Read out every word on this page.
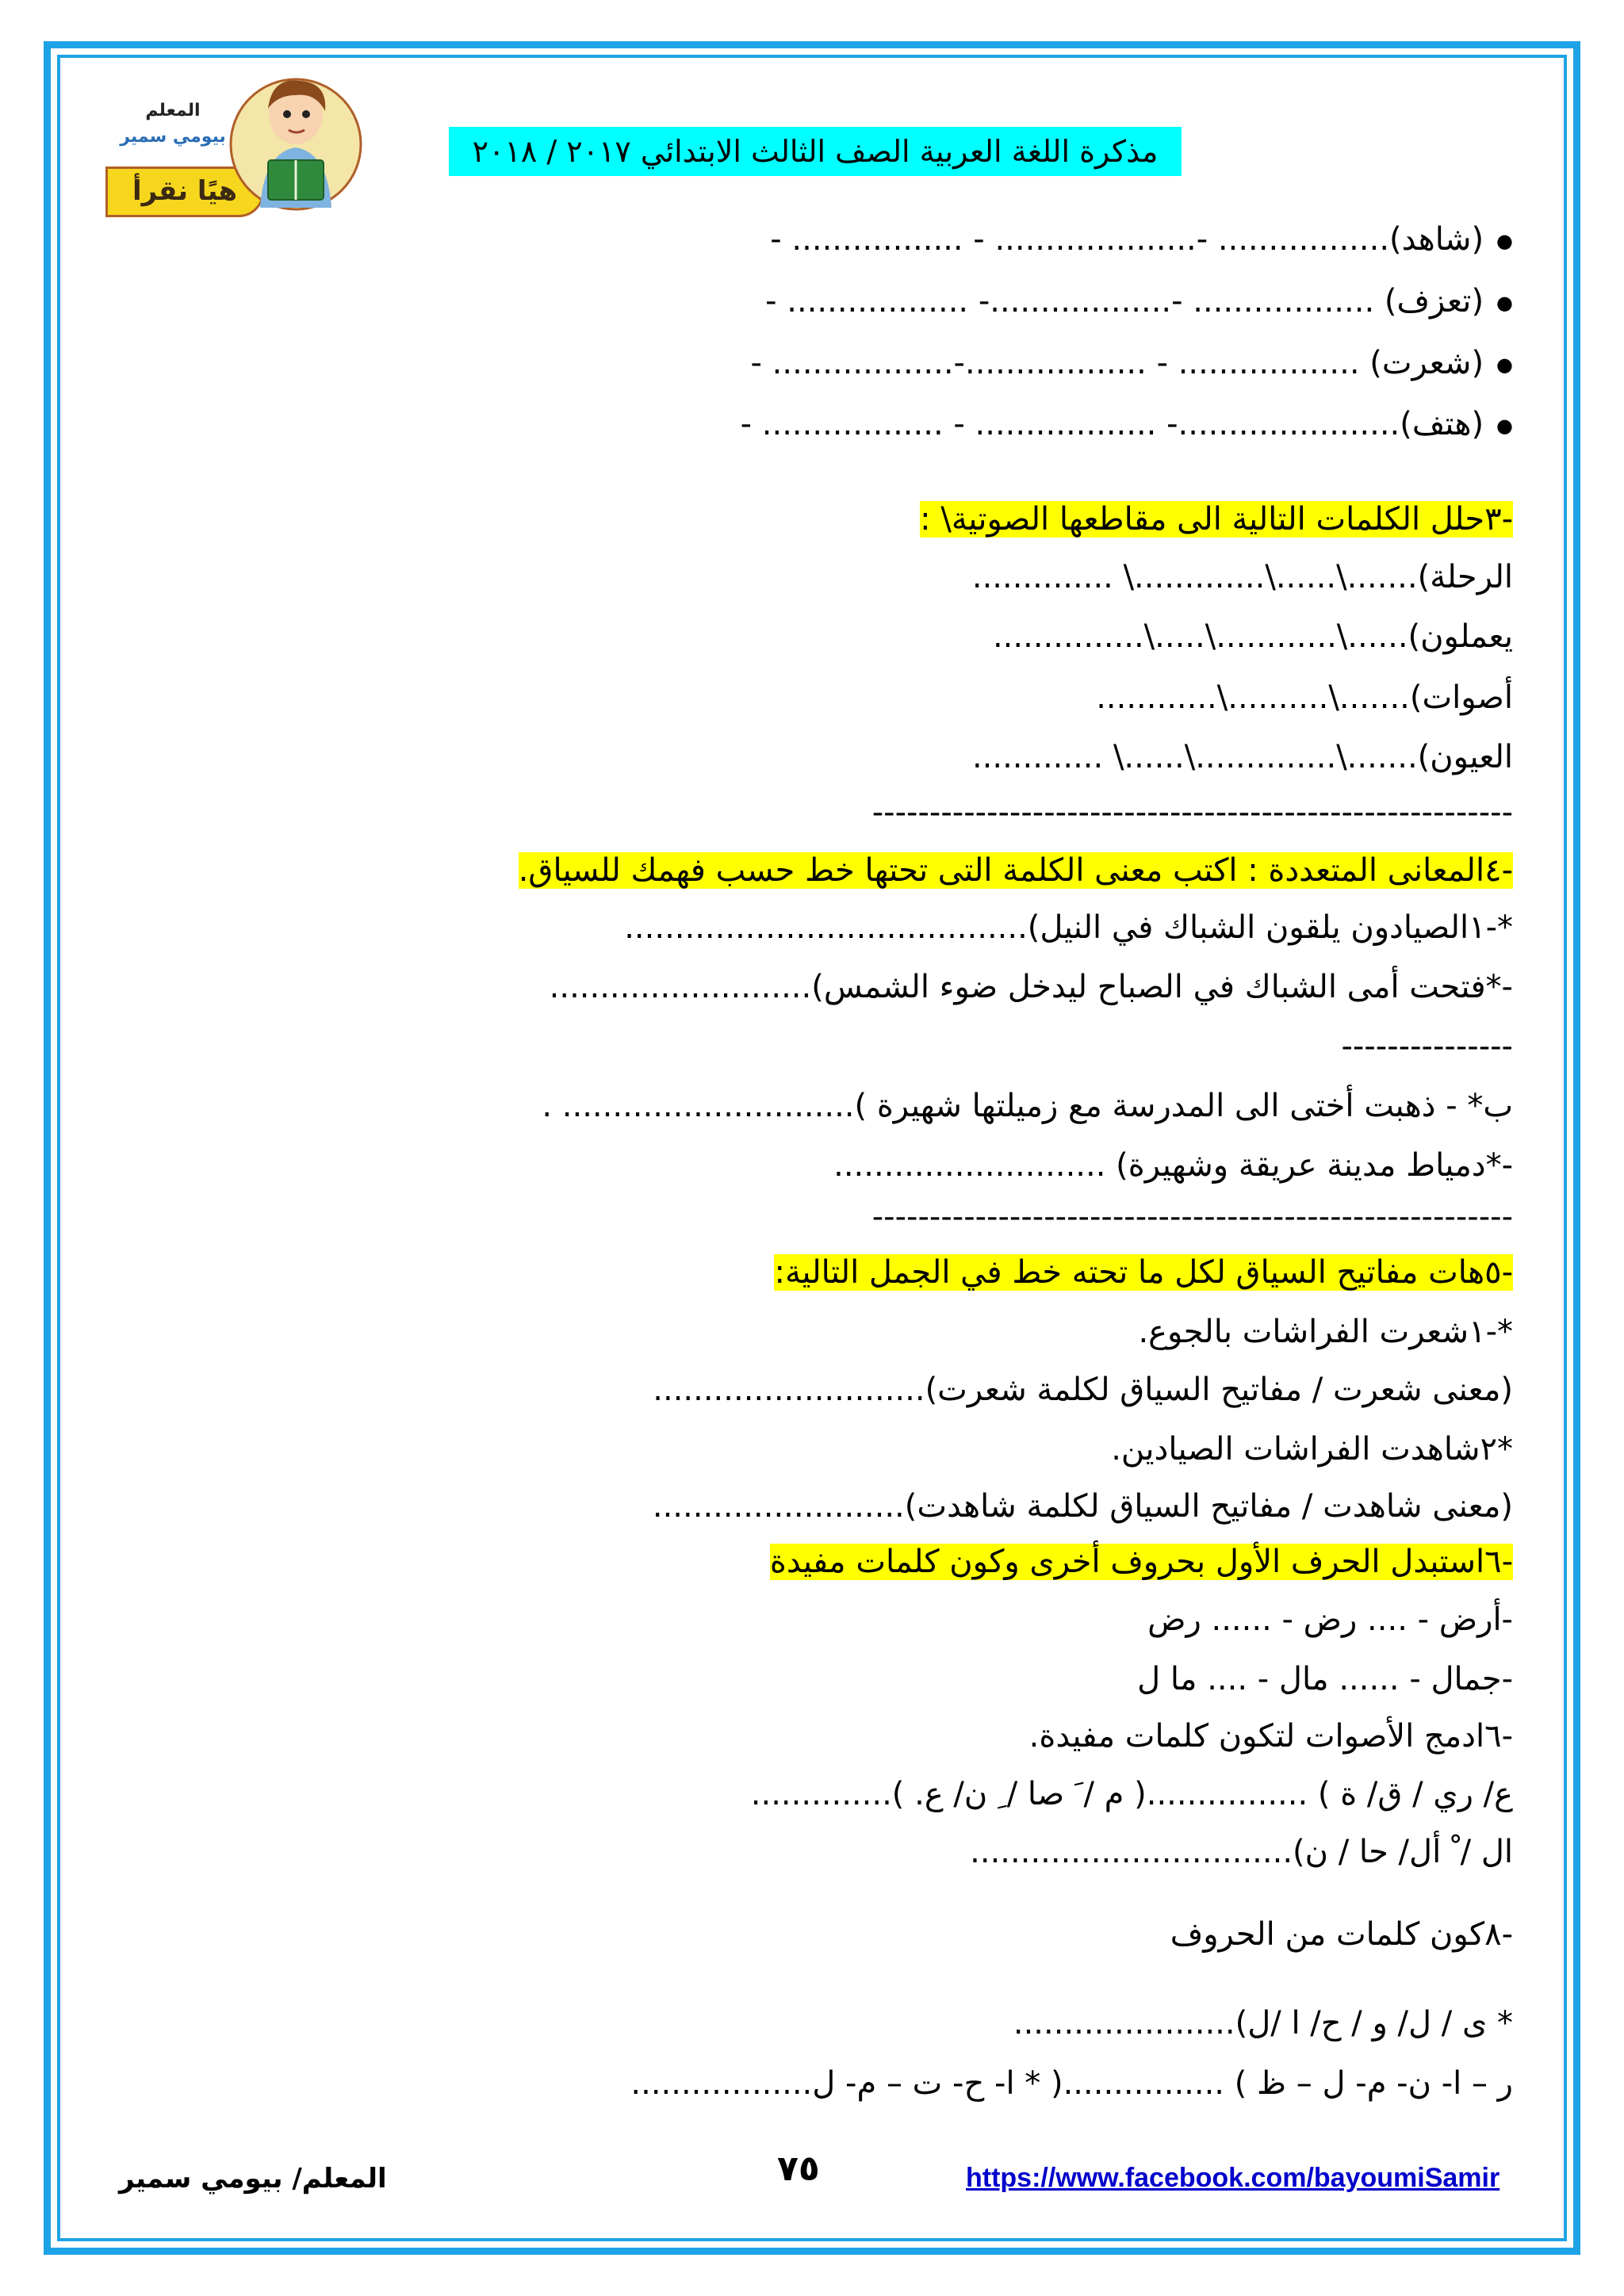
المعلم
بيومي سمير
هيًا نقرأ
مذكرة اللغة العربية الصف الثالث الابتدائي ٢٠١٧ / ٢٠١٨
● (شاهد)................. -.................... - ................. -
● (تعزف) .................. -..................- .................. -
● (شعرت) .................. - ..................-.................. -
● (هتف)......................- .................. - .................. -
-٣حلل الكلمات التالية الى مقاطعها الصوتية\ :
الرحلة).......\......\.............\ ..............
يعملون)......\............\.....\...............
أصوات).......\..........\............
العيون).......\..............\......\ .............
--------------------------------------------------------
-٤المعانى المتعددة : اكتب معنى الكلمة التى تحتها خط حسب فهمك للسياق.
*-١الصيادون يلقون الشباك في النيل)........................................
-*فتحت أمى الشباك في الصباح ليدخل ضوء الشمس)..........................
---------------
ب* - ذهبت أختى الى المدرسة مع زميلتها شهيرة )............................. .
-*دمياط مدينة عريقة وشهيرة) ...........................
--------------------------------------------------------
-٥هات مفاتيح السياق لكل ما تحته خط في الجمل التالية:
*-١شعرت الفراشات بالجوع.
(معنى شعرت / مفاتيح السياق لكلمة شعرت)...........................
*٢شاهدت الفراشات الصيادين.
(معنى شاهدت / مفاتيح السياق لكلمة شاهدت).........................
-٦استبدل الحرف الأول بحروف أخرى وكون كلمات مفيدة
-أرض - .... رض - ...... رض
-جمال - ...... مال - .... ما ل
-٦ادمج الأصوات لتكون كلمات مفيدة.
ع/ ري / ق/ ة ) ................( م / َ صا / ِ ن/ ع. )..............
ال / ْ أل/ حا / ن)................................
-٨كون كلمات من الحروف
* ى / ل/ و / ح/ ا /ل)......................
ر – ا- ن- م- ل – ظ ) ................( * ا- ح- ت – م- ل..................
المعلم/ بيومي سمير	٧٥	https://www.facebook.com/bayoumiSamir
